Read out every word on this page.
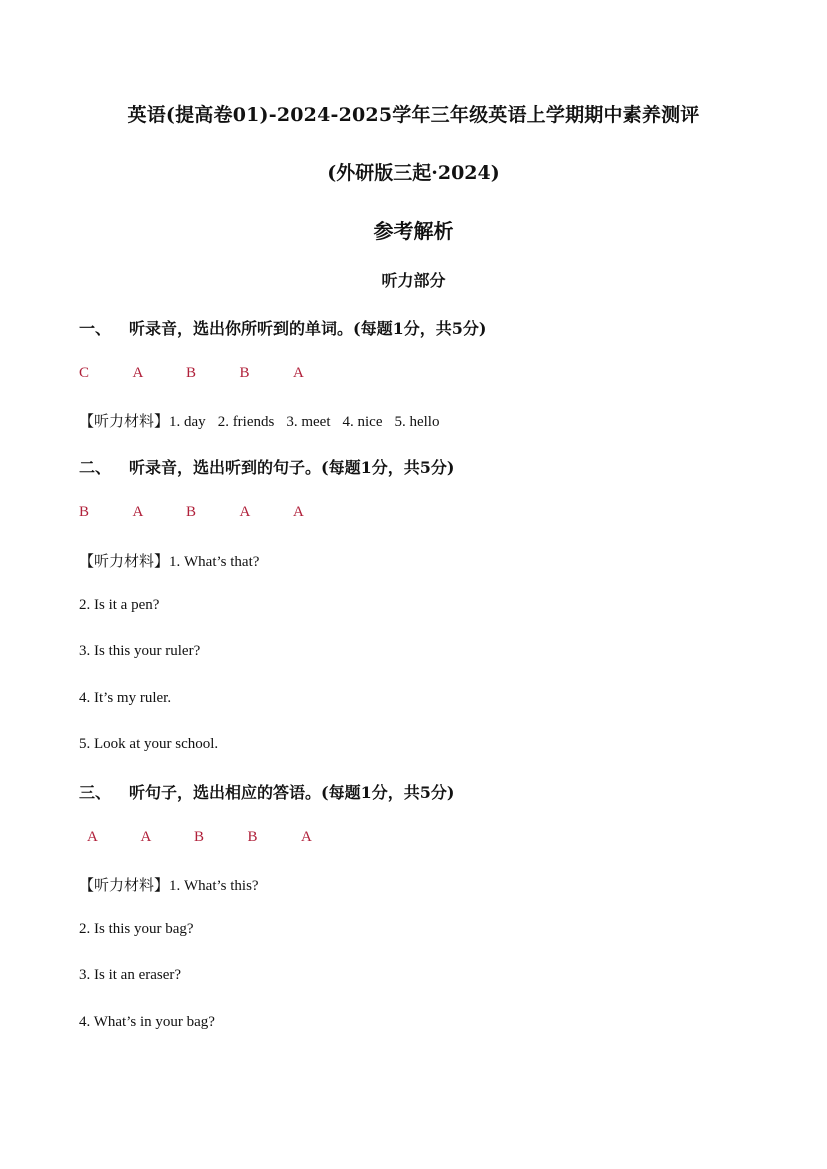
英语(提高卷01)-2024-2025学年三年级英语上学期期中素养测评
(外研版三起·2024)
参考解析
听力部分
一、 听录音，选出你所听到的单词。(每题1分，共5分)
C	A	B	B	A
【听力材料】1. day 2. friends 3. meet 4. nice 5. hello
二、 听录音，选出听到的句子。(每题1分，共5分)
B	A	B	A	A
【听力材料】1. What’s that?
2. Is it a pen?
3. Is this your ruler?
4. It’s my ruler.
5. Look at your school.
三、 听句子，选出相应的答语。(每题1分，共5分)
A	A	B	B	A
【听力材料】1. What’s this?
2. Is this your bag?
3. Is it an eraser?
4. What’s in your bag?
